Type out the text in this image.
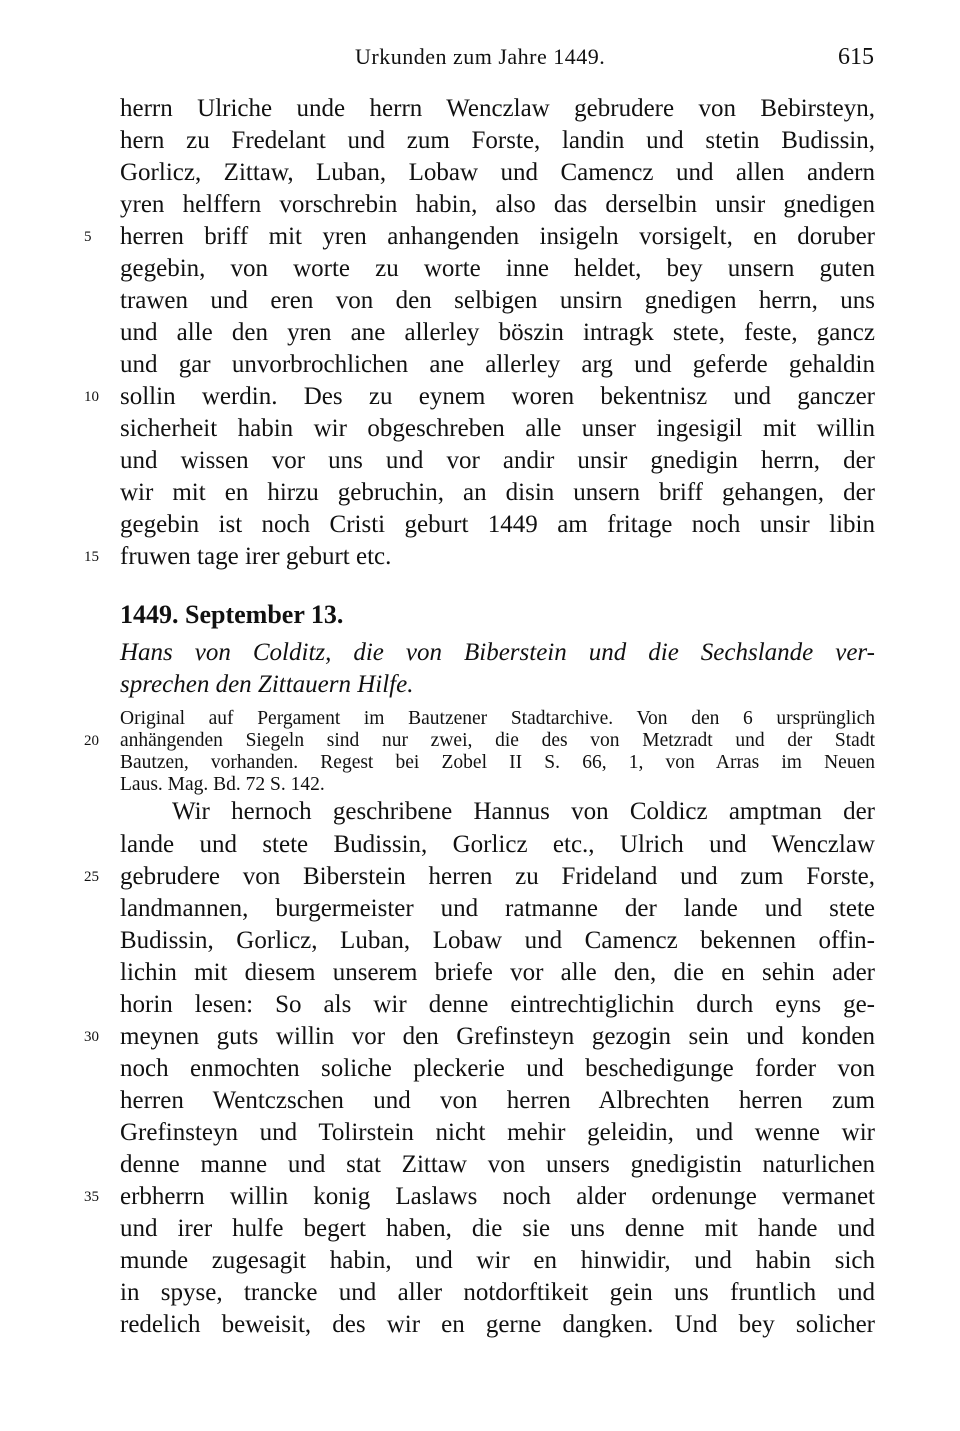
Urkunden zum Jahre 1449.	615
herrn Ulriche unde herrn Wenczlaw gebrudere von Bebirsteyn,
hern zu Fredelant und zum Forste, landin und stetin Budissin,
Gorlicz, Zittaw, Luban, Lobaw und Camencz und allen andern
yren helffern vorschrebin habin, also das derselbin unsir gnedigen
5	herren briff mit yren anhangenden insigeln vorsigelt, en doruber
gegebin, von worte zu worte inne heldet, bey unsern guten
trawen und eren von den selbigen unsirn gnedigen herrn, uns
und alle den yren ane allerley böszin intragk stete, feste, gancz
und gar unvorbrochlichen ane allerley arg und geferde gehaldin
10 sollin werdin. Des zu eynem woren bekentnisz und ganczer
sicherheit habin wir obgeschreben alle unser ingesigil mit willin
und wissen vor uns und vor andir unsir gnedigin herrn, der
wir mit en hirzu gebruchin, an disin unsern briff gehangen, der
gegebin ist noch Cristi geburt 1449 am fritage noch unsir libin
15 fruwen tage irer geburt etc.
1449. September 13.
Hans von Colditz, die von Biberstein und die Sechslande ver-
sprechen den Zittauern Hilfe.
Original auf Pergament im Bautzener Stadtarchive. Von den 6 ursprünglich
20	anhängenden Siegeln sind nur zwei, die des von Metzradt und der Stadt
Bautzen, vorhanden. Regest bei Zobel II S. 66, 1, von Arras im Neuen
Laus. Mag. Bd. 72 S. 142.
Wir hernoch geschribene Hannus von Coldicz amptman der
lande und stete Budissin, Gorlicz etc., Ulrich und Wenczlaw
25 gebrudere von Biberstein herren zu Frideland und zum Forste,
landmannen, burgermeister und ratmanne der lande und stete
Budissin, Gorlicz, Luban, Lobaw und Camencz bekennen offin-
lichin mit diesem unserem briefe vor alle den, die en sehin ader
horin lesen: So als wir denne eintrechtiglichin durch eyns ge-
30 meynen guts willin vor den Grefinsteyn gezogin sein und konden
noch enmochten soliche pleckerie und beschedigunge forder von
herren Wentczschen und von herren Albrechten herren zum
Grefinsteyn und Tolirstein nicht mehir geleidin, und wenne wir
denne manne und stat Zittaw von unsers gnedigistin naturlichen
35 erbherrn willin konig Laslaws noch alder ordenunge vermanet
und irer hulfe begert haben, die sie uns denne mit hande und
munde zugesagit habin, und wir en hinwidir, und habin sich
in spyse, trancke und aller notdorftikeit gein uns fruntlich und
redelich beweisit, des wir en gerne dangken. Und bey solicher
